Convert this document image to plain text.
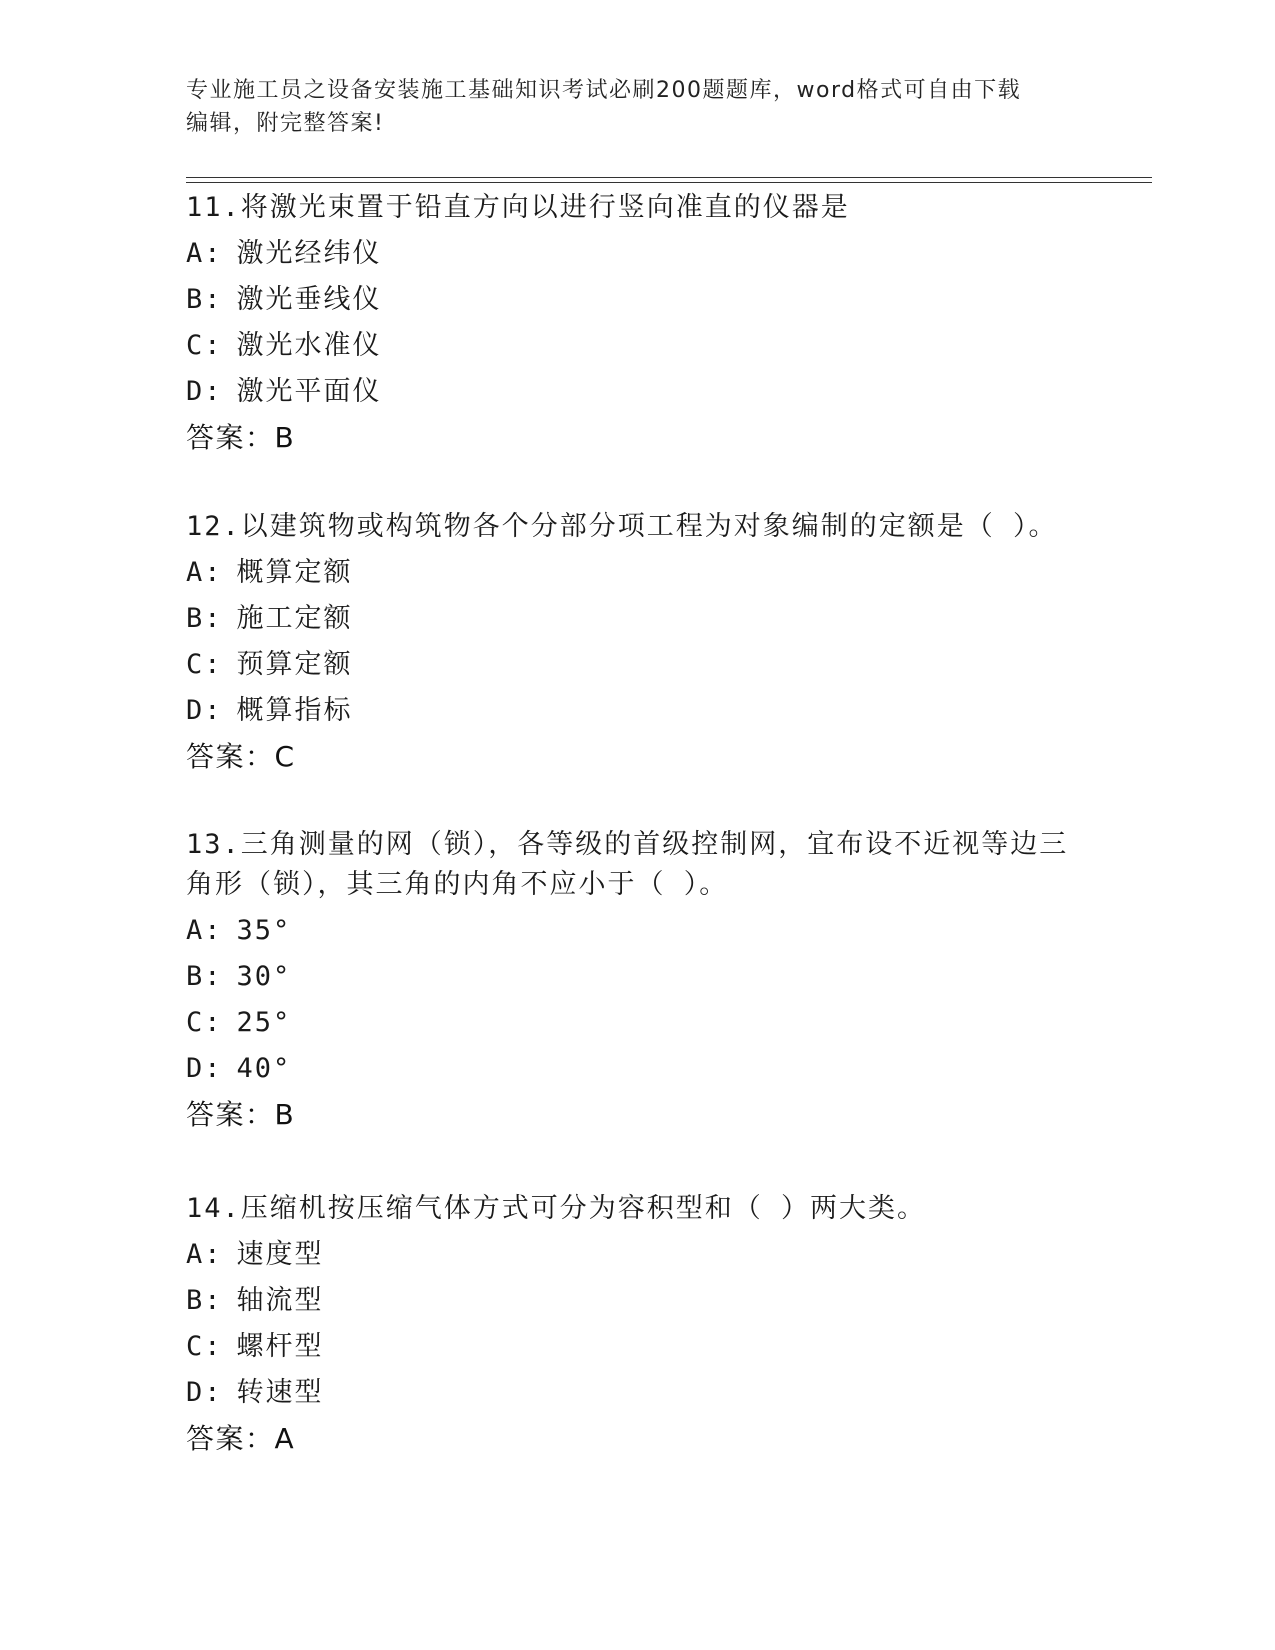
专业施工员之设备安装施工基础知识考试必刷200题题库，word格式可自由下载
编辑，附完整答案!
11.将激光束置于铅直方向以进行竖向准直的仪器是
A: 激光经纬仪
B: 激光垂线仪
C: 激光水准仪
D: 激光平面仪
答案：B
12.以建筑物或构筑物各个分部分项工程为对象编制的定额是（ ）。
A: 概算定额
B: 施工定额
C: 预算定额
D: 概算指标
答案：C
13.三角测量的网（锁），各等级的首级控制网，宜布设不近视等边三角形（锁），其三角的内角不应小于（ ）。
A: 35°
B: 30°
C: 25°
D: 40°
答案：B
14.压缩机按压缩气体方式可分为容积型和（ ）两大类。
A: 速度型
B: 轴流型
C: 螺杆型
D: 转速型
答案：A
